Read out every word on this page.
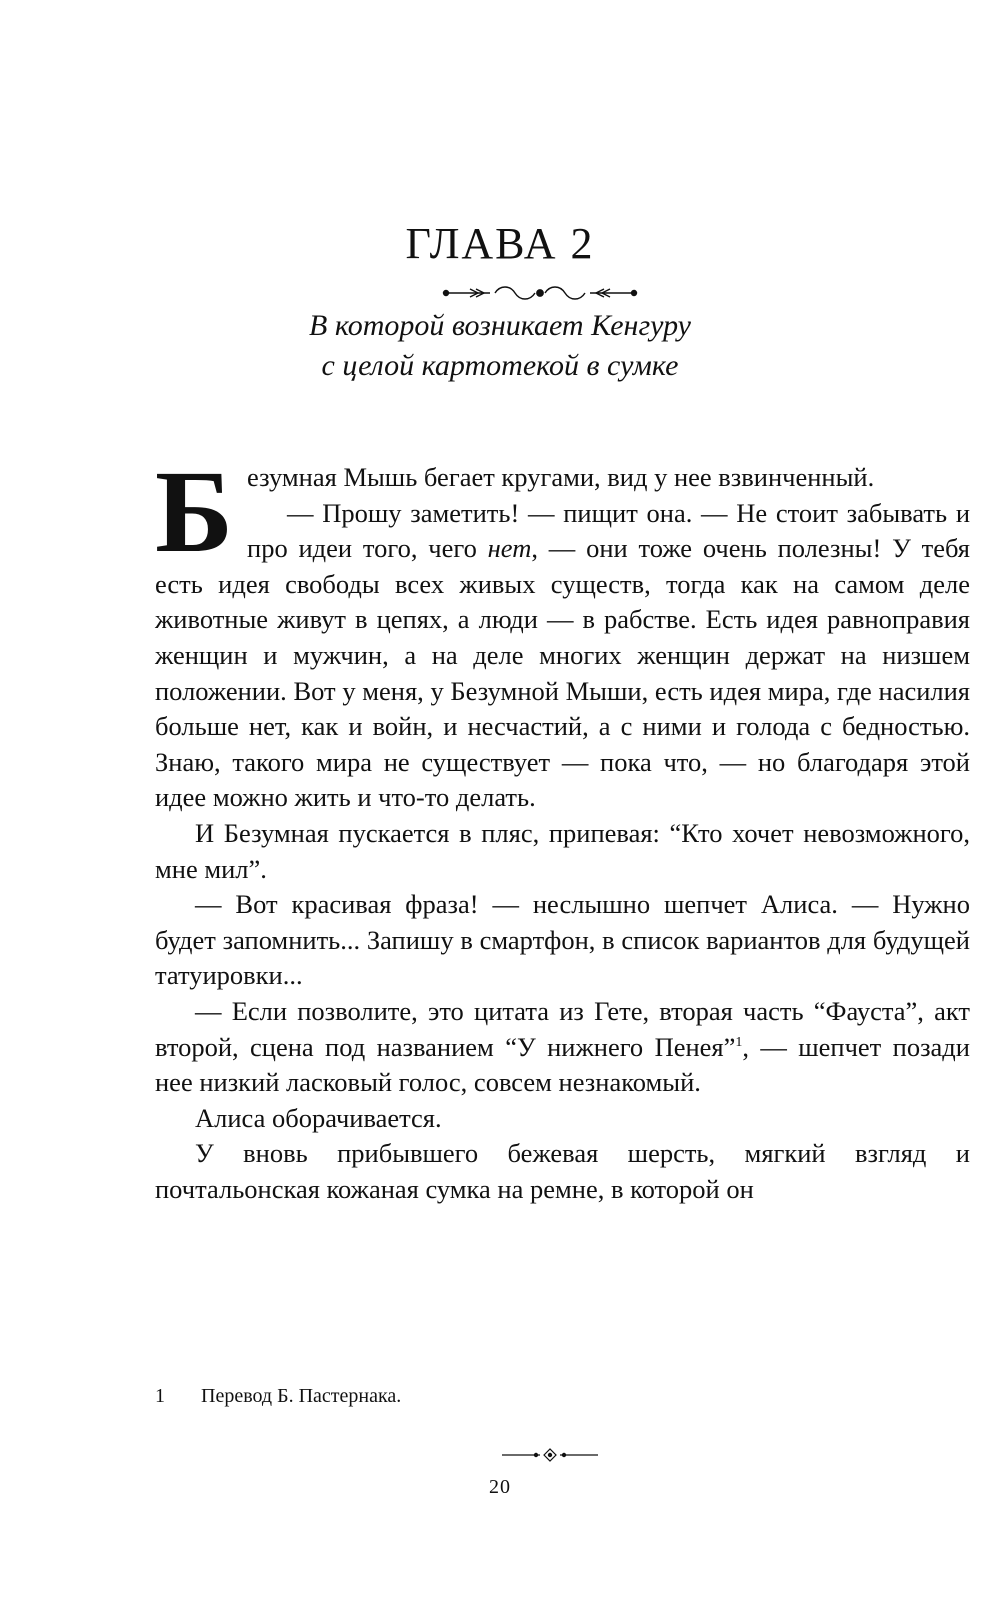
ГЛАВА 2
В которой возникает Кенгуру
с целой картотекой в сумке

Безумная Мышь бегает кругами, вид у нее взвинченный.

— Прошу заметить! — пищит она. — Не стоит забывать и про идеи того, чего нет, — они тоже очень полезны! У тебя есть идея свободы всех живых существ, тогда как на самом деле животные живут в цепях, а люди — в рабстве. Есть идея равноправия женщин и мужчин, а на деле многих женщин держат на низшем положении. Вот у меня, у Безумной Мыши, есть идея мира, где насилия больше нет, как и войн, и несчастий, а с ними и голода с бедностью. Знаю, такого мира не существует — пока что, — но благодаря этой идее можно жить и что-то делать.

И Безумная пускается в пляс, припевая: “Кто хочет невозможного, мне мил”.

— Вот красивая фраза! — неслышно шепчет Алиса. — Нужно будет запомнить... Запишу в смартфон, в список вариантов для будущей татуировки...

— Если позволите, это цитата из Гете, вторая часть “Фауста”, акт второй, сцена под названием “У нижнего Пенея”$^1$, — шепчет позади нее низкий ласковый голос, совсем незнакомый.

Алиса оборачивается.

У вновь прибывшего бежевая шерсть, мягкий взгляд и почтальонская кожаная сумка на ремне, в которой он

1 Перевод Б. Пастернака.
20
